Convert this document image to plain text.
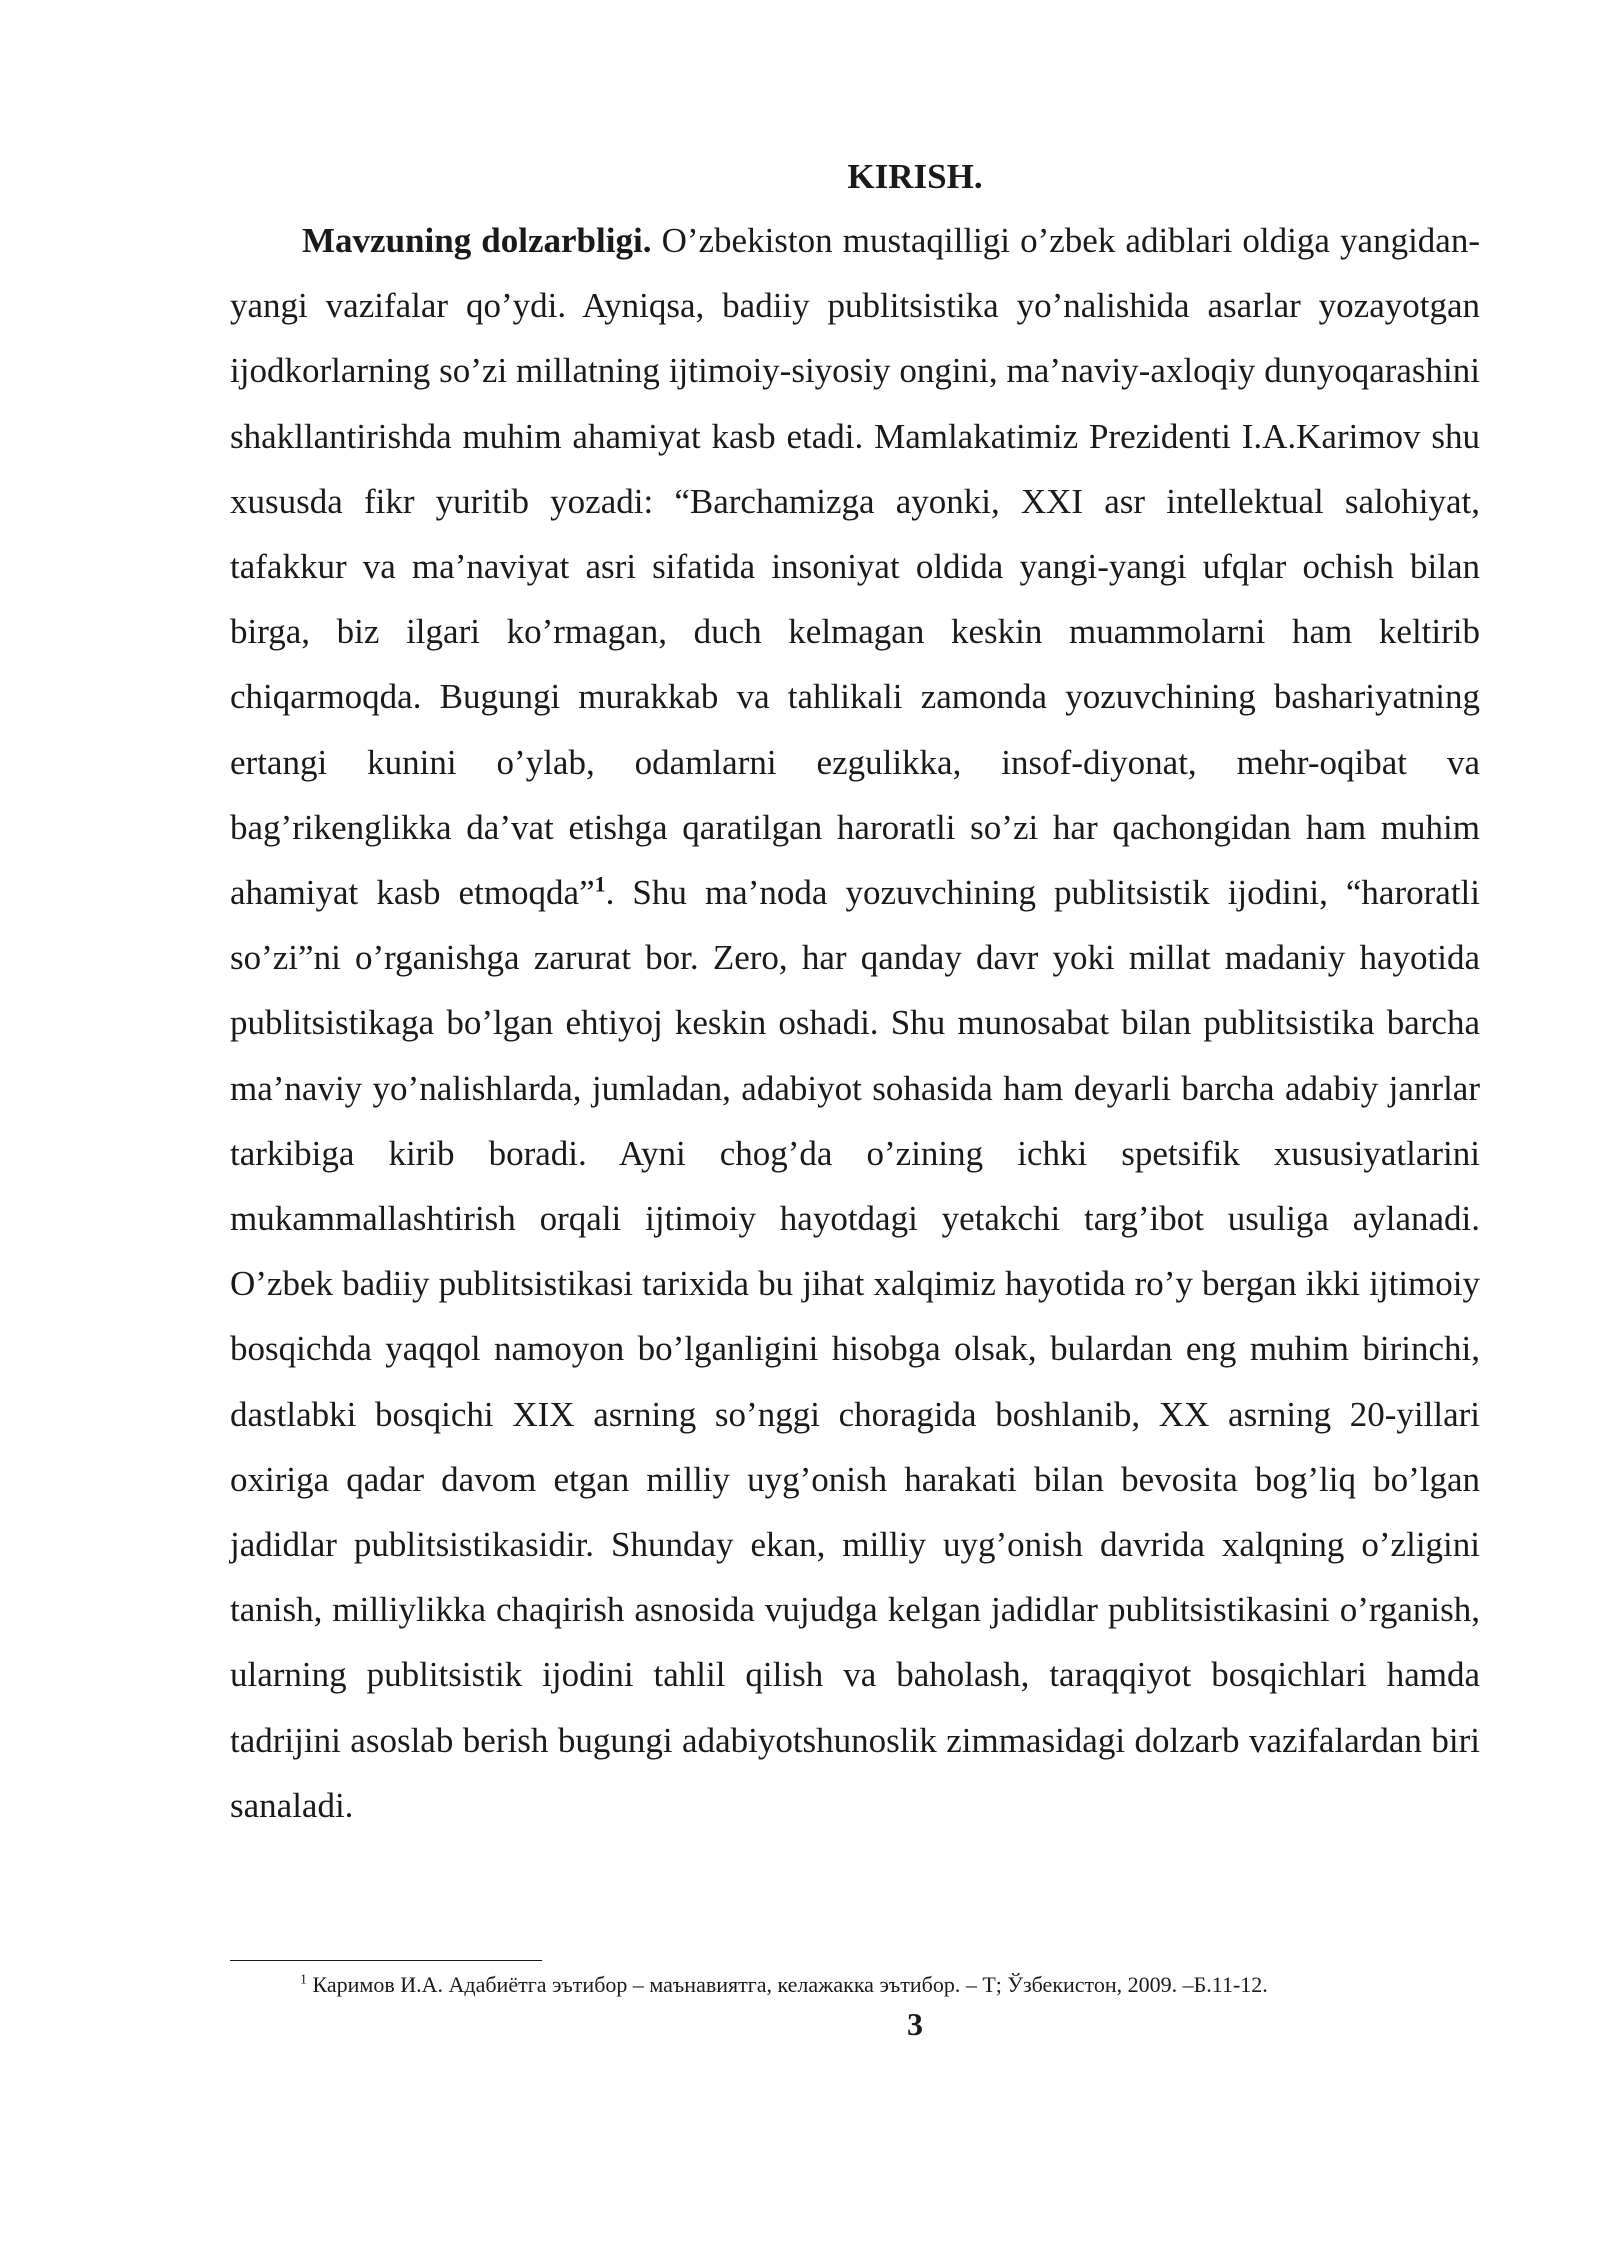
KIRISH.

Mavzuning dolzarbligi. O’zbekiston mustaqilligi o’zbek adiblari oldiga yangidan-yangi vazifalar qo’ydi. Ayniqsa, badiiy publitsistika yo’nalishida asarlar yozayotgan ijodkorlarning so’zi millatning ijtimoiy-siyosiy ongini, ma’naviy-axloqiy dunyoqarashini shakllantirishda muhim ahamiyat kasb etadi. Mamlakatimiz Prezidenti I.A.Karimov shu xususda fikr yuritib yozadi: “Barchamizga ayonki, XXI asr intellektual salohiyat, tafakkur va ma’naviyat asri sifatida insoniyat oldida yangi-yangi ufqlar ochish bilan birga, biz ilgari ko’rmagan, duch kelmagan keskin muammolarni ham keltirib chiqarmoqda. Bugungi murakkab va tahlikali zamonda yozuvchining bashariyatning ertangi kunini o’ylab, odamlarni ezgulikka, insof-diyonat, mehr-oqibat va bag’rikenglikka da’vat etishga qaratilgan haroratli so’zi har qachongidan ham muhim ahamiyat kasb etmoqda”$^1$. Shu ma’noda yozuvchining publitsistik ijodini, “haroratli so’zi”ni o’rganishga zarurat bor. Zero, har qanday davr yoki millat madaniy hayotida publitsistikaga bo’lgan ehtiyoj keskin oshadi. Shu munosabat bilan publitsistika barcha ma’naviy yo’nalishlarda, jumladan, adabiyot sohasida ham deyarli barcha adabiy janrlar tarkibiga kirib boradi. Ayni chog’da o’zining ichki spetsifik xususiyatlarini mukammallashtirish orqali ijtimoiy hayotdagi yetakchi targ’ibot usuliga aylanadi. O’zbek badiiy publitsistikasi tarixida bu jihat xalqimiz hayotida ro’y bergan ikki ijtimoiy bosqichda yaqqol namoyon bo’lganligini hisobga olsak, bulardan eng muhim birinchi, dastlabki bosqichi XIX asrning so’nggi choragida boshlanib, XX asrning 20-yillari oxiriga qadar davom etgan milliy uyg’onish harakati bilan bevosita bog’liq bo’lgan jadidlar publitsistikasidir. Shunday ekan, milliy uyg’onish davrida xalqning o’zligini tanish, milliylikka chaqirish asnosida vujudga kelgan jadidlar publitsistikasini o’rganish, ularning publitsistik ijodini tahlil qilish va baholash, taraqqiyot bosqichlari hamda tadrijini asoslab berish bugungi adabiyotshunoslik zimmasidagi dolzarb vazifalardan biri sanaladi.

$^1$ Каримов И.А. Адабиётга эътибор – маънавиятга, келажакка эътибор. – Т; Ўзбекистон, 2009. –Б.11-12.

3
